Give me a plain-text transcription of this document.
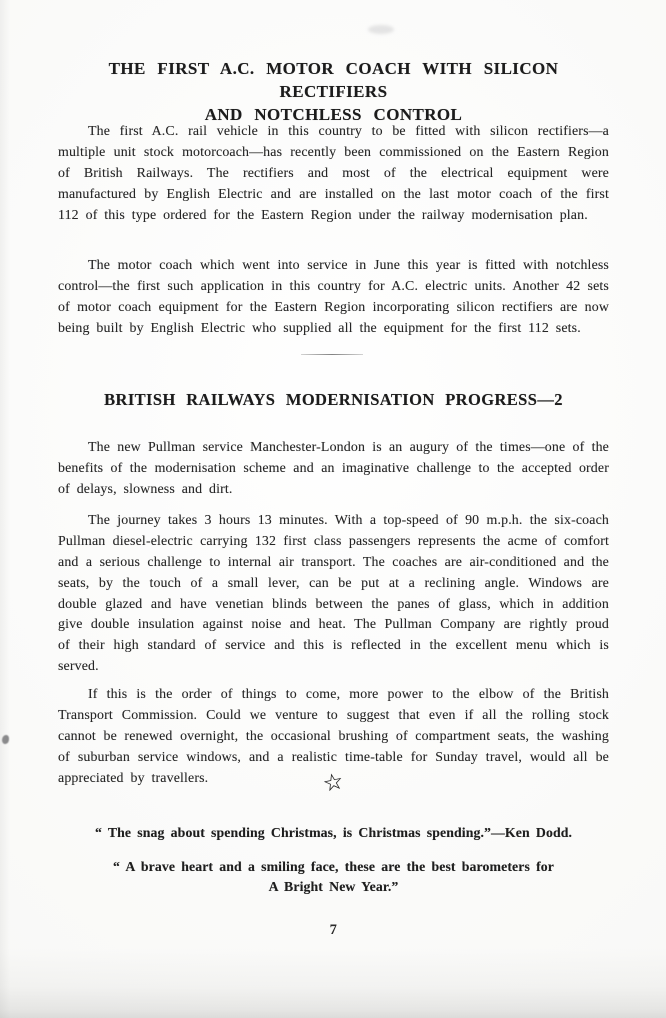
THE FIRST A.C. MOTOR COACH WITH SILICON RECTIFIERS
AND NOTCHLESS CONTROL

The first A.C. rail vehicle in this country to be fitted with silicon rectifiers—a multiple unit stock motorcoach—has recently been commissioned on the Eastern Region of British Railways. The rectifiers and most of the electrical equipment were manufactured by English Electric and are installed on the last motor coach of the first 112 of this type ordered for the Eastern Region under the railway modernisation plan.

The motor coach which went into service in June this year is fitted with notchless control—the first such application in this country for A.C. electric units. Another 42 sets of motor coach equipment for the Eastern Region incorporating silicon rectifiers are now being built by English Electric who supplied all the equipment for the first 112 sets.

BRITISH RAILWAYS MODERNISATION PROGRESS—2

The new Pullman service Manchester-London is an augury of the times—one of the benefits of the modernisation scheme and an imaginative challenge to the accepted order of delays, slowness and dirt.

The journey takes 3 hours 13 minutes. With a top-speed of 90 m.p.h. the six-coach Pullman diesel-electric carrying 132 first class passengers represents the acme of comfort and a serious challenge to internal air transport. The coaches are air-conditioned and the seats, by the touch of a small lever, can be put at a reclining angle. Windows are double glazed and have venetian blinds between the panes of glass, which in addition give double insulation against noise and heat. The Pullman Company are rightly proud of their high standard of service and this is reflected in the excellent menu which is served.

If this is the order of things to come, more power to the elbow of the British Transport Commission. Could we venture to suggest that even if all the rolling stock cannot be renewed overnight, the occasional brushing of compartment seats, the washing of suburban service windows, and a realistic time-table for Sunday travel, would all be appreciated by travellers.	☆
“ The snag about spending Christmas, is Christmas spending.”—Ken Dodd.
“ A brave heart and a smiling face, these are the best barometers for
A Bright New Year.”
7
